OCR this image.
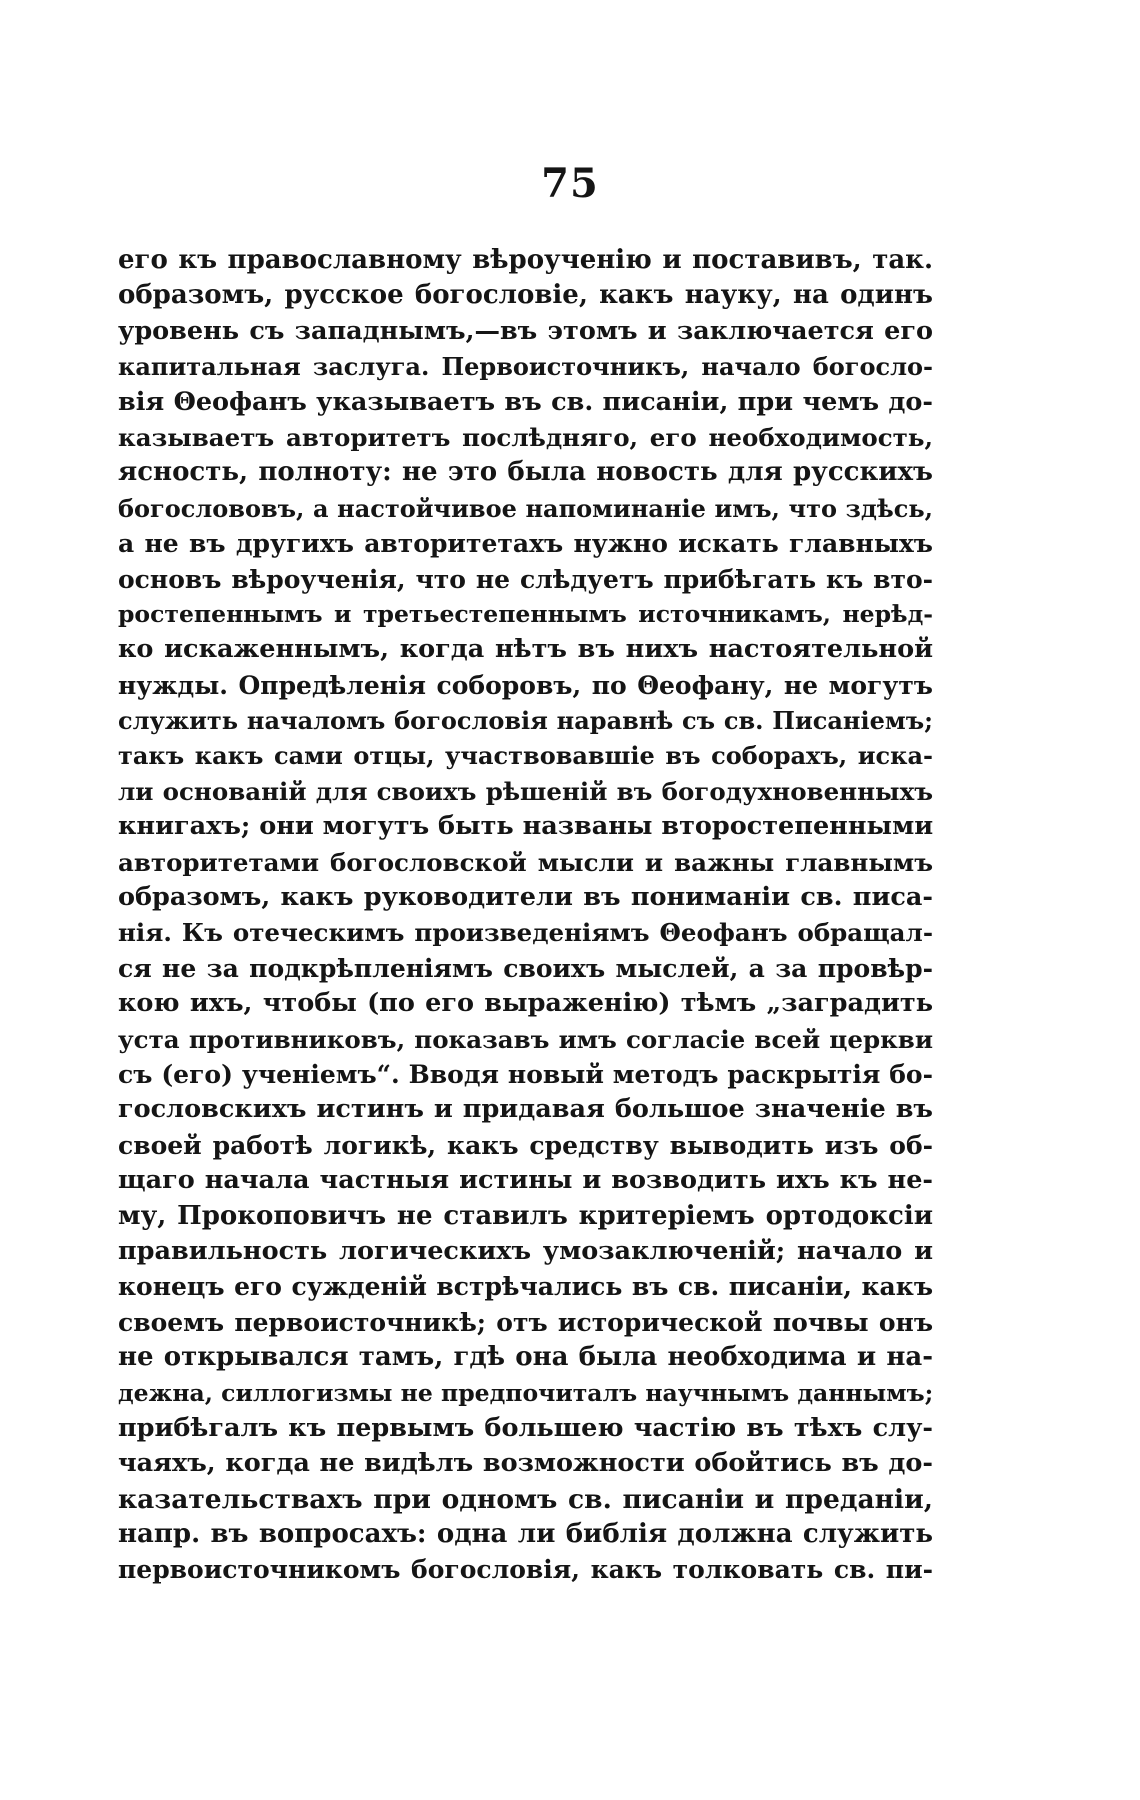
75
его къ православному вѣроученію и поставивъ, так.
образомъ, русское богословіе, какъ науку, на одинъ
уровень съ западнымъ,—въ этомъ и заключается его
капитальная заслуга. Первоисточникъ, начало богосло-
вія Θеофанъ указываетъ въ св. писаніи, при чемъ до-
казываетъ авторитетъ послѣдняго, его необходимость,
ясность, полноту: не это была новость для русскихъ
богослововъ, а настойчивое напоминаніе имъ, что здѣсь,
а не въ другихъ авторитетахъ нужно искать главныхъ
основъ вѣроученія, что не слѣдуетъ прибѣгать къ вто-
ростепеннымъ и третьестепеннымъ источникамъ, нерѣд-
ко искаженнымъ, когда нѣтъ въ нихъ настоятельной
нужды. Опредѣленія соборовъ, по Θеофану, не могутъ
служить началомъ богословія наравнѣ съ св. Писаніемъ;
такъ какъ сами отцы, участвовавшіе въ соборахъ, иска-
ли основаній для своихъ рѣшеній въ богодухновенныхъ
книгахъ; они могутъ быть названы второстепенными
авторитетами богословской мысли и важны главнымъ
образомъ, какъ руководители въ пониманіи св. писа-
нія. Къ отеческимъ произведеніямъ Θеофанъ обращал-
ся не за подкрѣпленіямъ своихъ мыслей, а за провѣр-
кою ихъ, чтобы (по его выраженію) тѣмъ „заградить
уста противниковъ, показавъ имъ согласіе всей церкви
съ (его) ученіемъ“. Вводя новый методъ раскрытія бо-
гословскихъ истинъ и придавая большое значеніе въ
своей работѣ логикѣ, какъ средству выводить изъ об-
щаго начала частныя истины и возводить ихъ къ не-
му, Прокоповичъ не ставилъ критеріемъ ортодоксіи
правильность логическихъ умозаключеній; начало и
конецъ его сужденій встрѣчались въ св. писаніи, какъ
своемъ первоисточникѣ; отъ исторической почвы онъ
не открывался тамъ, гдѣ она была необходима и на-
дежна, силлогизмы не предпочиталъ научнымъ даннымъ;
прибѣгалъ къ первымъ большею частію въ тѣхъ слу-
чаяхъ, когда не видѣлъ возможности обойтись въ до-
казательствахъ при одномъ св. писаніи и преданіи,
напр. въ вопросахъ: одна ли библія должна служить
первоисточникомъ богословія, какъ толковать св. пи-
